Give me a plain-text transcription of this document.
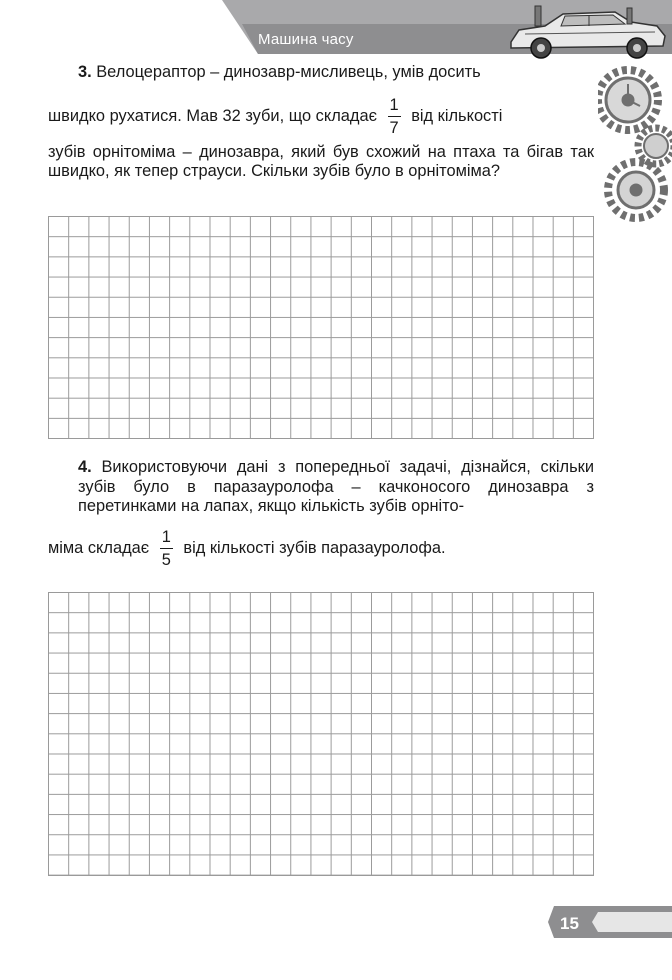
Машина часу

3. Велоцераптор – динозавр-мисливець, умів досить

швидко рухатися. Мав 32 зуби, що складає $\frac{1}{7}$ від кількості

зубів орнітоміма – динозавра, який був схожий на птаха та бігав так швидко, як тепер страуси. Скільки зубів було в орнітоміма?

4. Використовуючи дані з попередньої задачі, дізнайся, скільки зубів було в паразауролофа – качконосого динозавра з перетинками на лапах, якщо кількість зубів орніто-

міма складає $\frac{1}{5}$ від кількості зубів паразауролофа.

15
